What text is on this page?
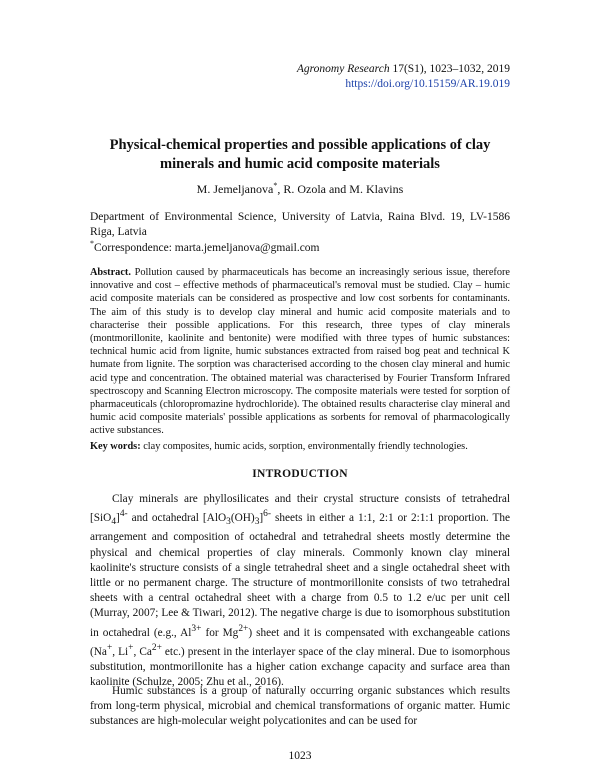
Agronomy Research 17(S1), 1023–1032, 2019
https://doi.org/10.15159/AR.19.019
Physical-chemical properties and possible applications of clay minerals and humic acid composite materials
M. Jemeljanova*, R. Ozola and M. Klavins
Department of Environmental Science, University of Latvia, Raina Blvd. 19, LV-1586 Riga, Latvia
*Correspondence: marta.jemeljanova@gmail.com
Abstract. Pollution caused by pharmaceuticals has become an increasingly serious issue, therefore innovative and cost – effective methods of pharmaceutical's removal must be studied. Clay – humic acid composite materials can be considered as prospective and low cost sorbents for contaminants. The aim of this study is to develop clay mineral and humic acid composite materials and to characterise their possible applications. For this research, three types of clay minerals (montmorillonite, kaolinite and bentonite) were modified with three types of humic substances: technical humic acid from lignite, humic substances extracted from raised bog peat and technical K humate from lignite. The sorption was characterised according to the chosen clay mineral and humic acid type and concentration. The obtained material was characterised by Fourier Transform Infrared spectroscopy and Scanning Electron microscopy. The composite materials were tested for sorption of pharmaceuticals (chloropromazine hydrochloride). The obtained results characterise clay mineral and humic acid composite materials' possible applications as sorbents for removal of pharmacologically active substances.
Key words: clay composites, humic acids, sorption, environmentally friendly technologies.
INTRODUCTION
Clay minerals are phyllosilicates and their crystal structure consists of tetrahedral $[SiO_4]^{4-}$ and octahedral $[AlO_3(OH)_3]^{6-}$ sheets in either a 1:1, 2:1 or 2:1:1 proportion. The arrangement and composition of octahedral and tetrahedral sheets mostly determine the physical and chemical properties of clay minerals. Commonly known clay mineral kaolinite's structure consists of a single tetrahedral sheet and a single octahedral sheet with little or no permanent charge. The structure of montmorillonite consists of two tetrahedral sheets with a central octahedral sheet with a charge from 0.5 to 1.2 e/uc per unit cell (Murray, 2007; Lee & Tiwari, 2012). The negative charge is due to isomorphous substitution in octahedral (e.g., $Al^{3+}$ for $Mg^{2+}$) sheet and it is compensated with exchangeable cations (Na+, Li+, $Ca^{2+}$ etc.) present in the interlayer space of the clay mineral. Due to isomorphous substitution, montmorillonite has a higher cation exchange capacity and surface area than kaolinite (Schulze, 2005; Zhu et al., 2016).
Humic substances is a group of naturally occurring organic substances which results from long-term physical, microbial and chemical transformations of organic matter. Humic substances are high-molecular weight polycationites and can be used for
1023
